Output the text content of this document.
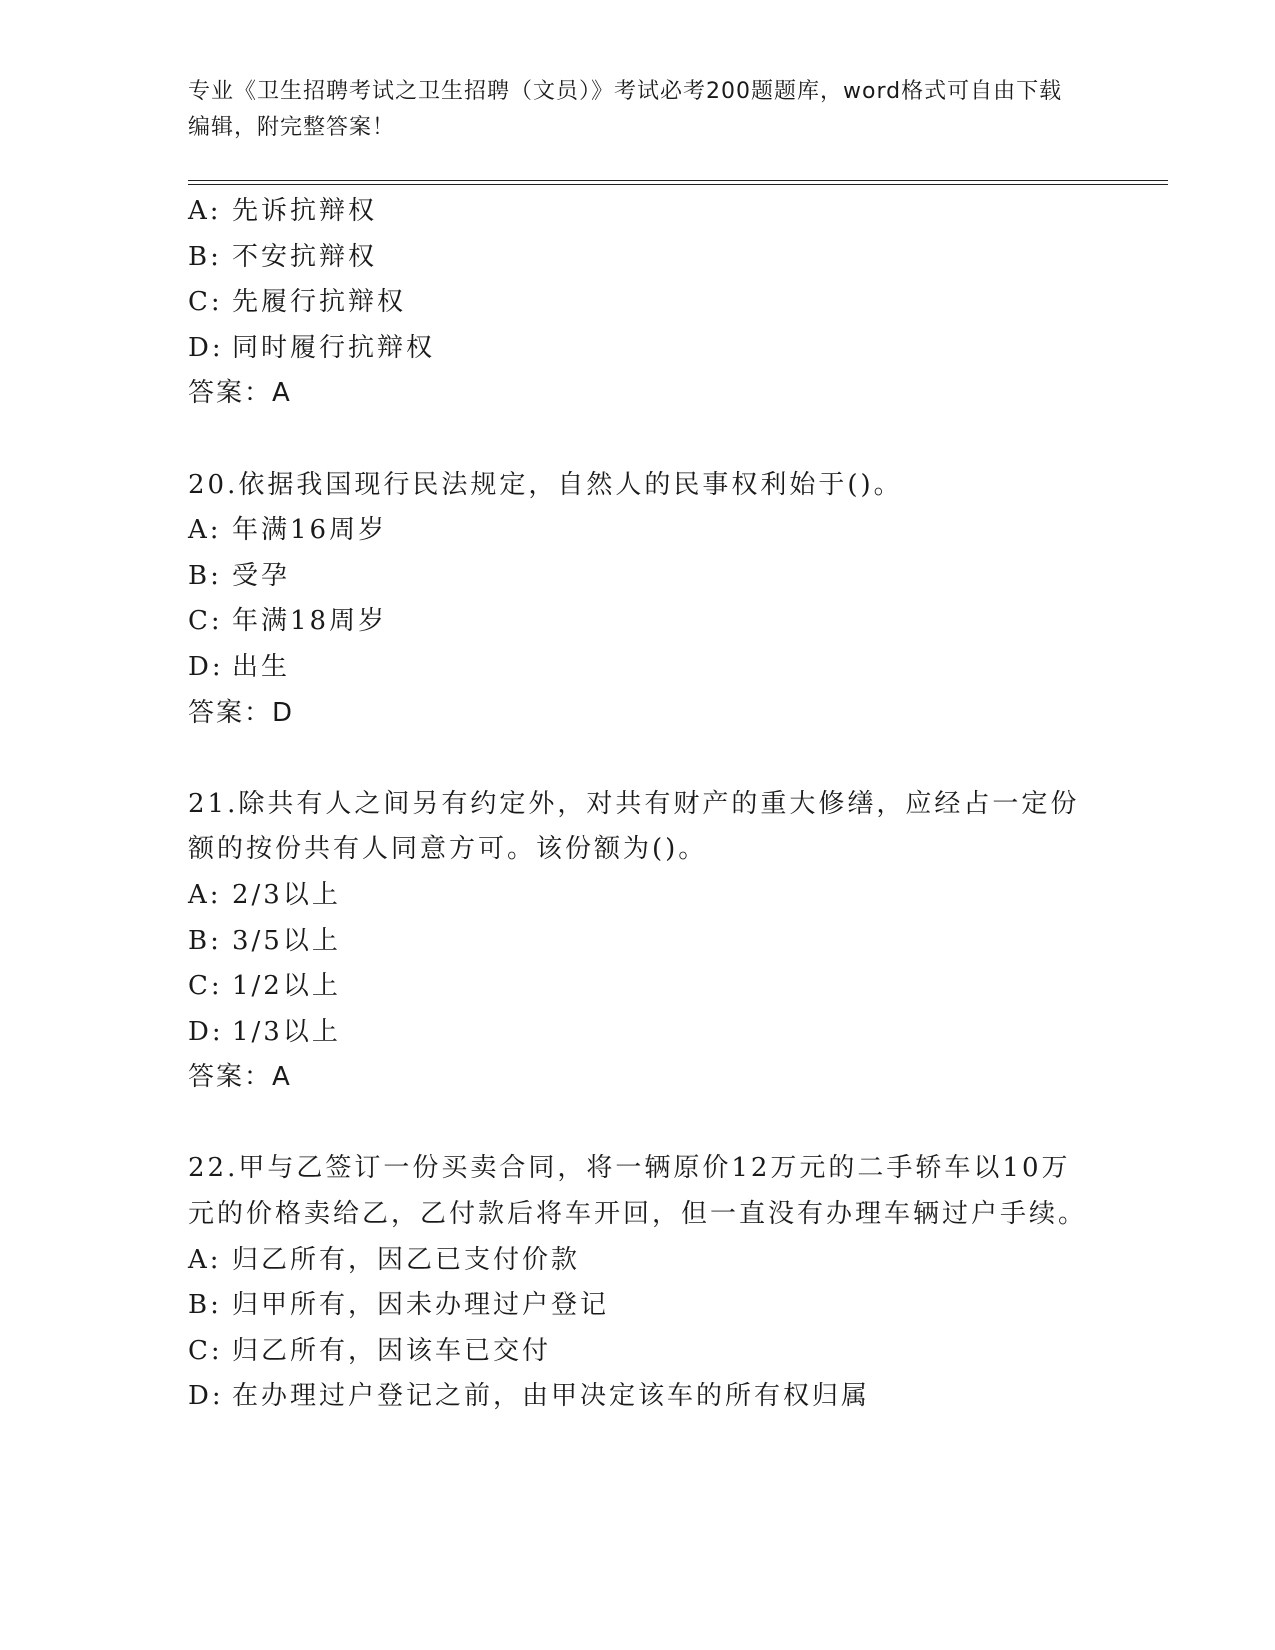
专业《卫生招聘考试之卫生招聘（文员）》考试必考200题题库，word格式可自由下载编辑，附完整答案！
A: 先诉抗辩权
B: 不安抗辩权
C: 先履行抗辩权
D: 同时履行抗辩权
答案：A
20.依据我国现行民法规定，自然人的民事权利始于()。
A: 年满16周岁
B: 受孕
C: 年满18周岁
D: 出生
答案：D
21.除共有人之间另有约定外，对共有财产的重大修缮，应经占一定份额的按份共有人同意方可。该份额为()。
A: 2/3以上
B: 3/5以上
C: 1/2以上
D: 1/3以上
答案：A
22.甲与乙签订一份买卖合同，将一辆原价12万元的二手轿车以10万元的价格卖给乙，乙付款后将车开回，但一直没有办理车辆过户手续。
A: 归乙所有，因乙已支付价款
B: 归甲所有，因未办理过户登记
C: 归乙所有，因该车已交付
D: 在办理过户登记之前，由甲决定该车的所有权归属
